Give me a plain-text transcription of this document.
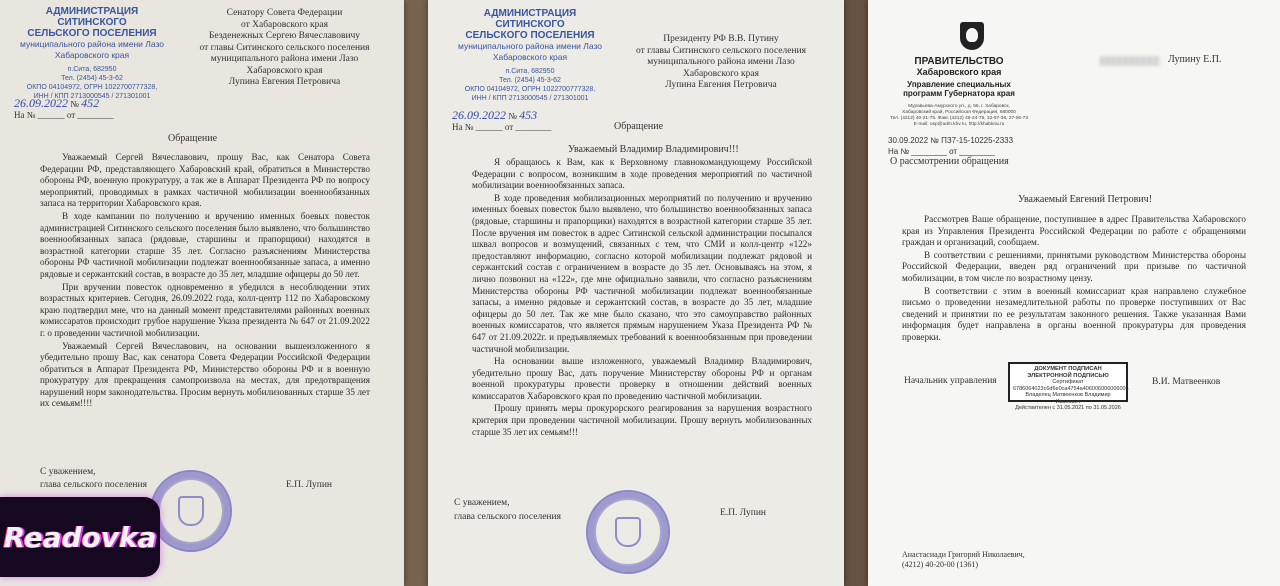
АДМИНИСТРАЦИЯ
СИТИНСКОГО
СЕЛЬСКОГО ПОСЕЛЕНИЯ
муниципального района имени Лазо
Хабаровского края
п.Сита, 682950
Тел. (2454) 45-3-62
ОКПО 04104972, ОГРН 1022700777328,
ИНН / КПП 2713000545 / 271301001
26.09.2022 № 452
На № ______ от ________
Сенатору Совета Федерации
от Хабаровского края
Безденежных Сергею Вячеславовичу
от главы Ситинского сельского поселения
муниципального района имени Лазо
Хабаровского края
Лупина Евгения Петровича
Обращение

Уважаемый Сергей Вячеславович, прошу Вас, как Сенатора Совета Федерации РФ, представляющего Хабаровский край, обратиться в Министерство обороны РФ, военную прокуратуру, а так же в Аппарат Президента РФ по вопросу мероприятий, проводимых в рамках частичной мобилизации военнообязанных запаса на территории Хабаровского края.

В ходе кампании по получению и вручению именных боевых повесток администрацией Ситинского сельского поселения было выявлено, что большинство военнообязанных запаса (рядовые, старшины и прапорщики) находятся в возрастной категории старше 35 лет. Согласно разъяснениям Министерства обороны РФ частичной мобилизации подлежат военнообязанные запаса, а именно рядовые и сержантский состав, в возрасте до 35 лет, младшие офицеры до 50 лет.

При вручении повесток одновременно я убедился в несоблюдении этих возрастных критериев. Сегодня, 26.09.2022 года, колл-центр 112 по Хабаровскому краю подтвердил мне, что на данный момент представителями районных военных комиссаратов происходит грубое нарушение Указа президента № 647 от 21.09.2022 г. о проведении частичной мобилизации.

Уважаемый Сергей Вячеславович, на основании вышеизложенного я убедительно прошу Вас, как сенатора Совета Федерации Российской Федерации обратиться в Аппарат Президента РФ, Министерство обороны РФ и в военную прокуратуру для прекращения самопроизвола на местах, для предотвращения нарушений норм законодательства. Просим вернуть мобилизованных старше 35 лет их семьям!!!!

С уважением,
глава сельского поселения	Е.П. Лупин
АДМИНИСТРАЦИЯ
СИТИНСКОГО
СЕЛЬСКОГО ПОСЕЛЕНИЯ
муниципального района имени Лазо
Хабаровского края
п.Сита, 682950
Тел. (2454) 45-3-62
ОКПО 04104972, ОГРН 1022700777328,
ИНН / КПП 2713000545 / 271301001
26.09.2022 № 453
На № ______ от ________
Президенту РФ В.В. Путину
от главы Ситинского сельского поселения
муниципального района имени Лазо
Хабаровского края
Лупина Евгения Петровича
Обращение
Уважаемый Владимир Владимирович!!!

Я обращаюсь к Вам, как к Верховному главнокомандующему Российской Федерации с вопросом, возникшим в ходе проведения мероприятий по частичной мобилизации военнообязанных запаса.

В ходе проведения мобилизационных мероприятий по получению и вручению именных боевых повесток было выявлено, что большинство военнообязанных запаса (рядовые, старшины и прапорщики) находятся в возрастной категории старше 35 лет. После вручения им повесток в адрес Ситинской сельской администрации посыпался шквал вопросов и возмущений, связанных с тем, что СМИ и колл-центр «122» предоставляют информацию, согласно которой мобилизации подлежат рядовой и сержантский состав с ограничением в возрасте до 35 лет. Основываясь на этом, я лично позвонил на «122», где мне официально заявили, что согласно разъяснениям Министерства обороны РФ частичной мобилизации подлежат военнообязанные запасы, а именно рядовые и сержантский состав, в возрасте до 35 лет, младшие офицеры до 50 лет. Так же мне было сказано, что это самоуправство районных военных комиссаратов, что является прямым нарушением Указа Президента РФ № 647 от 21.09.2022г. и предъявляемых требований к военнообязанным при проведении частичной мобилизации.

На основании выше изложенного, уважаемый Владимир Владимирович, убедительно прошу Вас, дать поручение Министерству обороны РФ и органам военной прокуратуры провести проверку в отношении действий военных комиссаратов Хабаровского края по проведению частичной мобилизации.

Прошу принять меры прокурорского реагирования за нарушения возрастного критерия при проведении частичной мобилизации. Прошу вернуть мобилизованных старше 35 лет их семьям!!!

С уважением,
глава сельского поселения	Е.П. Лупин
ПРАВИТЕЛЬСТВО
Хабаровского края
Управление специальных
программ Губернатора края
Муравьева-Амурского ул., д. 56, г. Хабаровск,
Хабаровский край, Российская Федерация, 680000
Тел. (4212) 40-21-75. Факс (4212) 46-24-75, 32-97-36, 27-06-73
E-mail: usp@adm.khv.ru, http://khabkrai.ru
30.09.2022 № ПЗ7-15-10225-2333
На № ________ от ________
Лупину Е.П.
О рассмотрении обращения
Уважаемый Евгений Петрович!

Рассмотрев Ваше обращение, поступившее в адрес Правительства Хабаровского края из Управления Президента Российской Федерации по работе с обращениями граждан и организаций, сообщаем.

В соответствии с решениями, принятыми руководством Министерства обороны Российской Федерации, введен ряд ограничений при призыве по частичной мобилизации, в том числе по возрастному цензу.

В соответствии с этим в военный комиссариат края направлено служебное письмо о проведении незамедлительной работы по проверке поступивших от Вас сведений и принятии по ее результатам законного решения. Также указанная Вами информация будет направлена в органы военной прокуратуры для проведения проверки.

Начальник управления
ДОКУМЕНТ ПОДПИСАН
ЭЛЕКТРОННОЙ ПОДПИСЬЮ
Сертификат 6786064023c6d6e0ca4754a406006006006006
Владелец Матвеенков Владимир Иванович
Действителен с 31.05.2021 по 31.05.2026
В.И. Матвеенков
Анастасиади Григорий Николаевич,
(4212) 40-20-00 (1361)
Readovka
